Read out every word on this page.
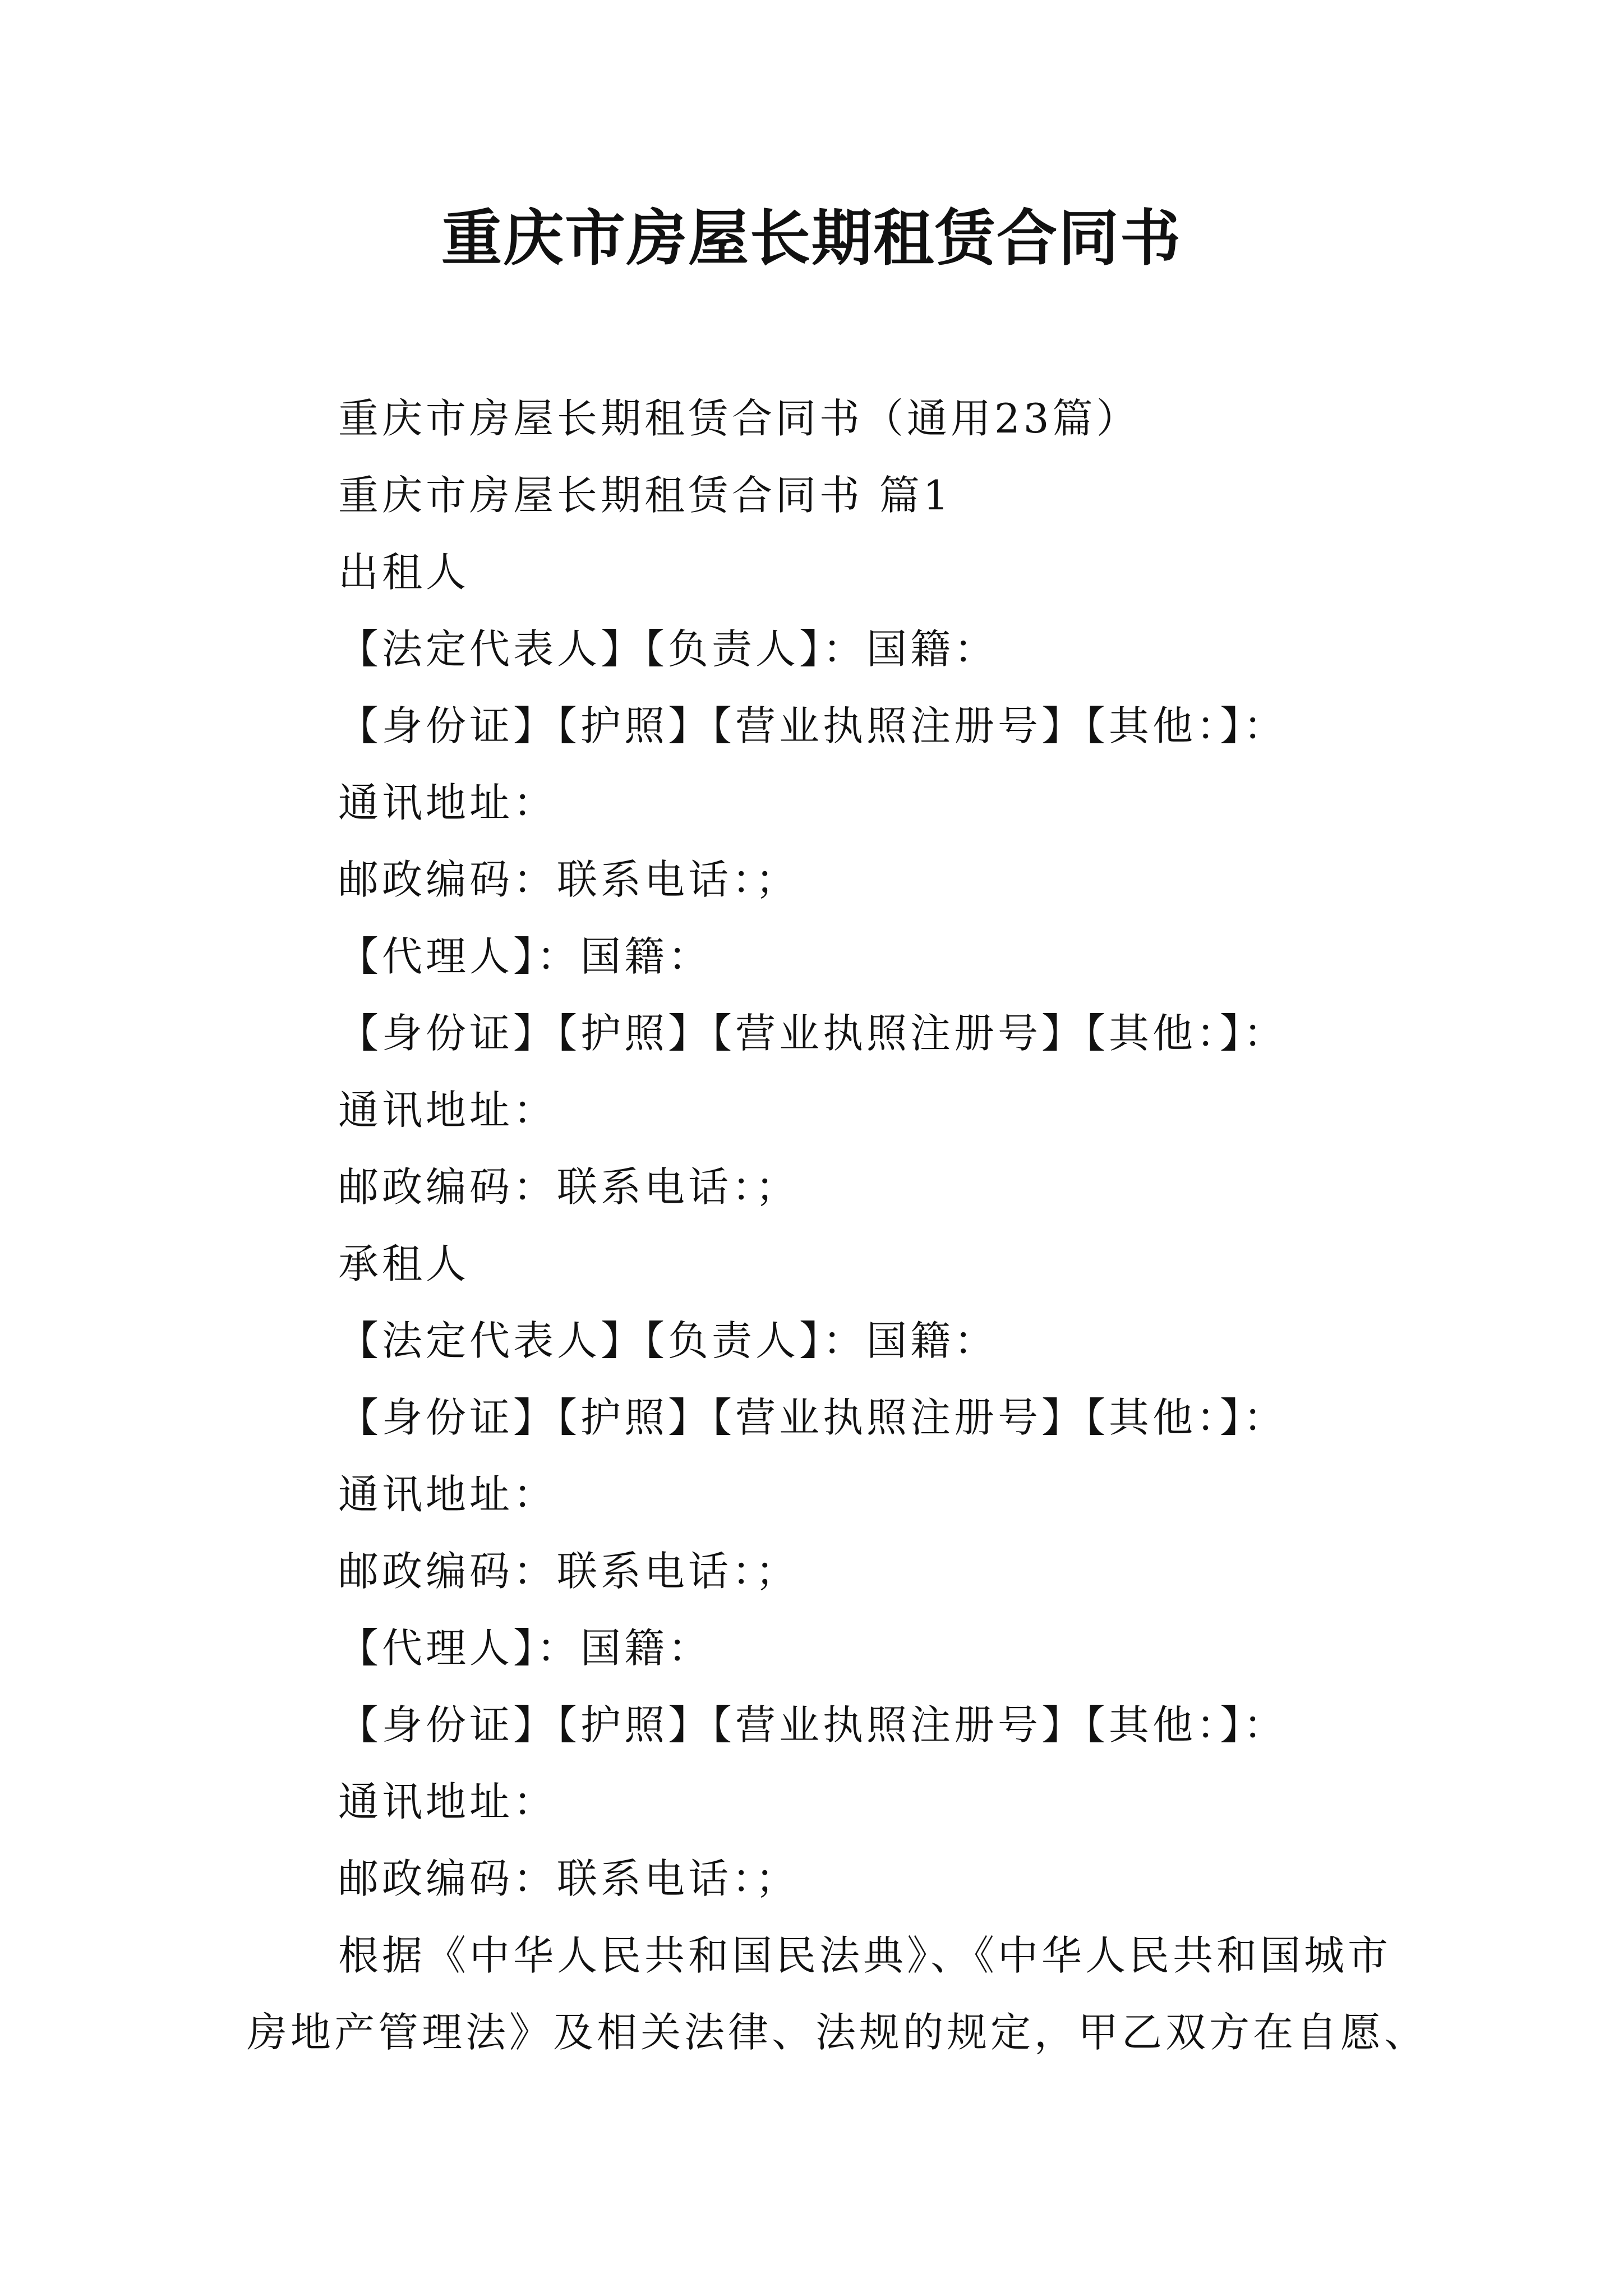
重庆市房屋长期租赁合同书
重庆市房屋长期租赁合同书（通用23篇）
重庆市房屋长期租赁合同书 篇1
出租人
【法定代表人】【负责人】：国籍：
【身份证】【护照】【营业执照注册号】【其他：】：
通讯地址：
邮政编码：联系电话：；
【代理人】：国籍：
【身份证】【护照】【营业执照注册号】【其他：】：
通讯地址：
邮政编码：联系电话：；
承租人
【法定代表人】【负责人】：国籍：
【身份证】【护照】【营业执照注册号】【其他：】：
通讯地址：
邮政编码：联系电话：；
【代理人】：国籍：
【身份证】【护照】【营业执照注册号】【其他：】：
通讯地址：
邮政编码：联系电话：；
根据《中华人民共和国民法典》、《中华人民共和国城市
房地产管理法》及相关法律、法规的规定，甲乙双方在自愿、
